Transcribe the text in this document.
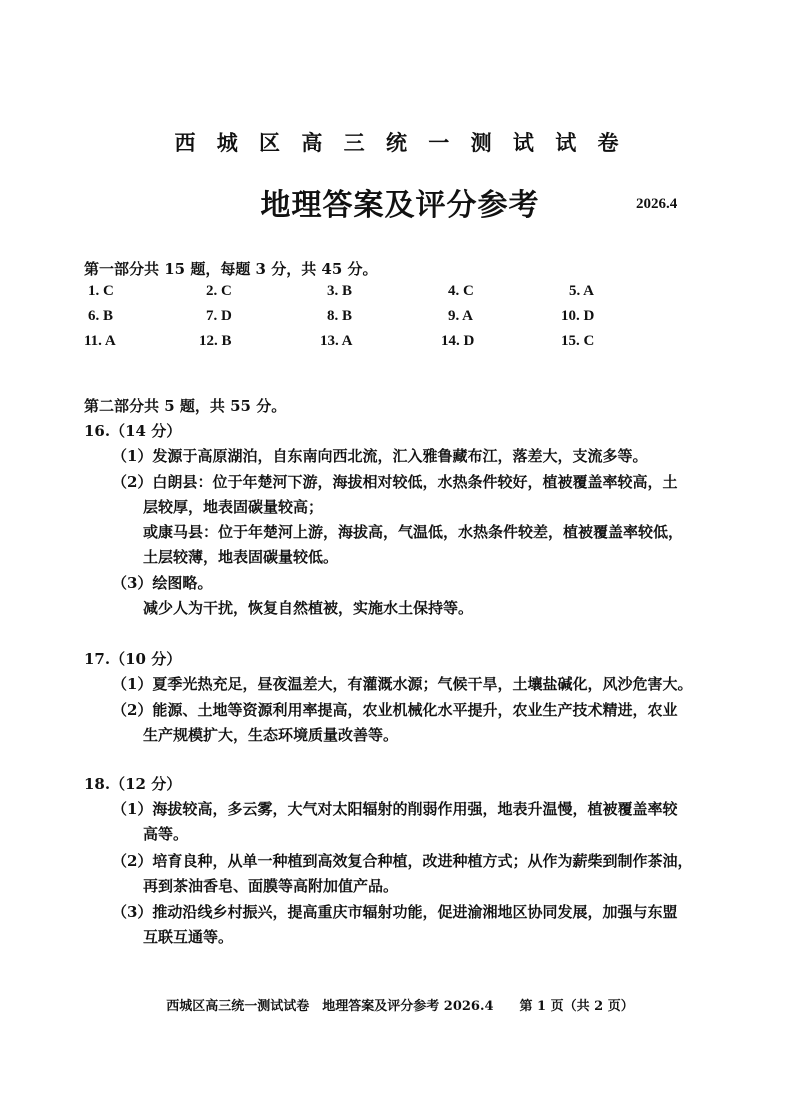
西 城 区 高 三 统 一 测 试 试 卷
地理答案及评分参考	2026.4
第一部分共 15 题，每题 3 分，共 45 分。
1. C	2. C	3. B	4. C	5. A
6. B	7. D	8. B	9. A	10. D
11. A	12. B	13. A	14. D	15. C
第二部分共 5 题，共 55 分。
16.（14 分）
（1）发源于高原湖泊，自东南向西北流，汇入雅鲁藏布江，落差大，支流多等。
（2）白朗县：位于年楚河下游，海拔相对较低，水热条件较好，植被覆盖率较高，土
层较厚，地表固碳量较高；
或康马县：位于年楚河上游，海拔高，气温低，水热条件较差，植被覆盖率较低，
土层较薄，地表固碳量较低。
（3）绘图略。
减少人为干扰，恢复自然植被，实施水土保持等。
17.（10 分）
（1）夏季光热充足，昼夜温差大，有灌溉水源；气候干旱，土壤盐碱化，风沙危害大。
（2）能源、土地等资源利用率提高，农业机械化水平提升，农业生产技术精进，农业
生产规模扩大，生态环境质量改善等。
18.（12 分）
（1）海拔较高，多云雾，大气对太阳辐射的削弱作用强，地表升温慢，植被覆盖率较
高等。
（2）培育良种，从单一种植到高效复合种植，改进种植方式；从作为薪柴到制作茶油，
再到茶油香皂、面膜等高附加值产品。
（3）推动沿线乡村振兴，提高重庆市辐射功能，促进渝湘地区协同发展，加强与东盟
互联互通等。
西城区高三统一测试试卷　地理答案及评分参考 2026.4　　第 1 页（共 2 页）
